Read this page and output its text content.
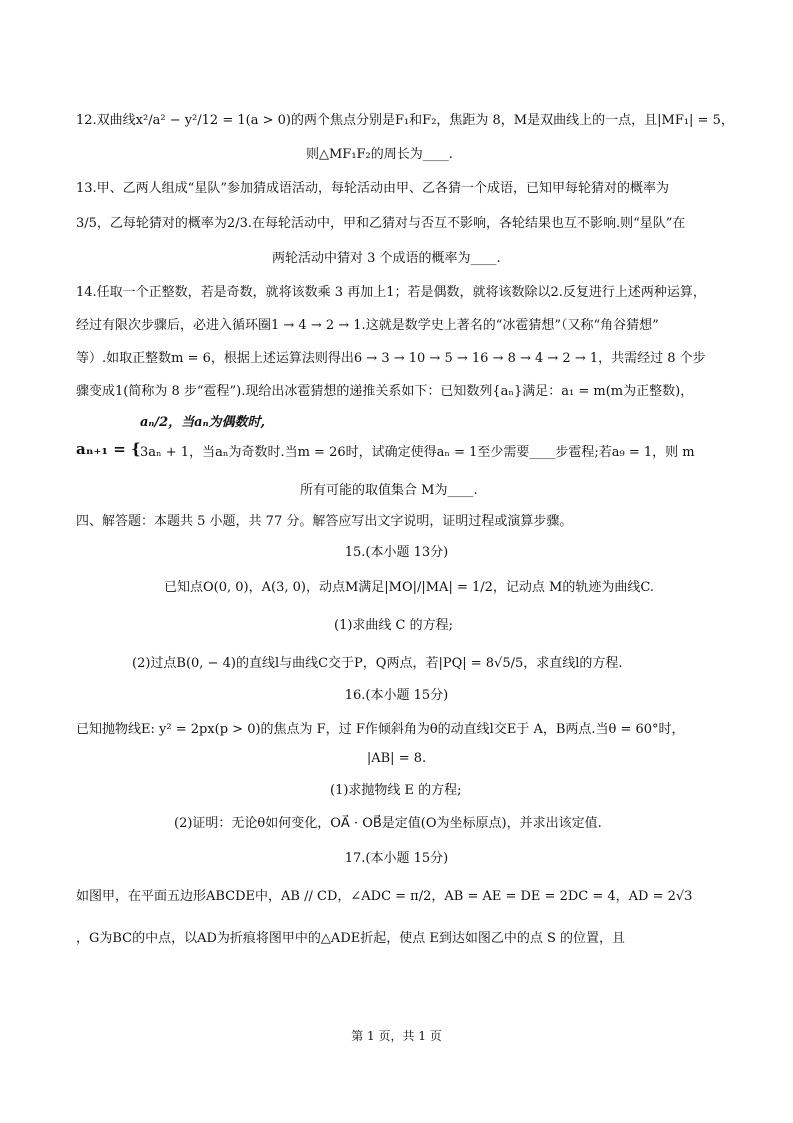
12.双曲线x²/a² − y²/12 = 1(a > 0)的两个焦点分别是F₁和F₂，焦距为 8，M是双曲线上的一点，且|MF₁| = 5，
则△MF₁F₂的周长为____.
13.甲、乙两人组成“星队”参加猜成语活动，每轮活动由甲、乙各猜一个成语，已知甲每轮猜对的概率为
3/5，乙每轮猜对的概率为2/3.在每轮活动中，甲和乙猜对与否互不影响，各轮结果也互不影响.则“星队”在
两轮活动中猜对 3 个成语的概率为____.
14.任取一个正整数，若是奇数，就将该数乘 3 再加上1；若是偶数，就将该数除以2.反复进行上述两种运算，
经过有限次步骤后，必进入循环圈1 → 4 → 2 → 1.这就是数学史上著名的“冰雹猜想”（又称“角谷猜想”
等）.如取正整数m = 6，根据上述运算法则得出6 → 3 → 10 → 5 → 16 → 8 → 4 → 2 → 1，共需经过 8 个步
骤变成1(简称为 8 步“雹程”).现给出冰雹猜想的递推关系如下：已知数列{aₙ}满足：a₁ = m(m为正整数)，
aₙ/2，当aₙ为偶数时,
aₙ₊₁ = { 3aₙ + 1，当aₙ为奇数时.当m = 26时，试确定使得aₙ = 1至少需要____步雹程;若a₉ = 1，则 m
所有可能的取值集合 M为____.
四、解答题：本题共 5 小题，共 77 分。解答应写出文字说明，证明过程或演算步骤。
15.(本小题 13分)
已知点O(0, 0)，A(3, 0)，动点M满足|MO|/|MA| = 1/2，记动点 M的轨迹为曲线C.
(1)求曲线 C 的方程;
(2)过点B(0, − 4)的直线l与曲线C交于P，Q两点，若|PQ| = 8√5/5，求直线l的方程.
16.(本小题 15分)
已知抛物线E: y² = 2px(p > 0)的焦点为 F，过 F作倾斜角为θ的动直线l交E于 A，B两点.当θ = 60°时，
|AB| = 8.
(1)求抛物线 E 的方程;
(2)证明：无论θ如何变化，OA⃗ · OB⃗是定值(O为坐标原点)，并求出该定值.
17.(本小题 15分)
如图甲，在平面五边形ABCDE中，AB // CD，∠ADC = π/2，AB = AE = DE = 2DC = 4，AD = 2√3
，G为BC的中点，以AD为折痕将图甲中的△ADE折起，使点 E到达如图乙中的点 S 的位置，且
第 1 页，共 1 页
